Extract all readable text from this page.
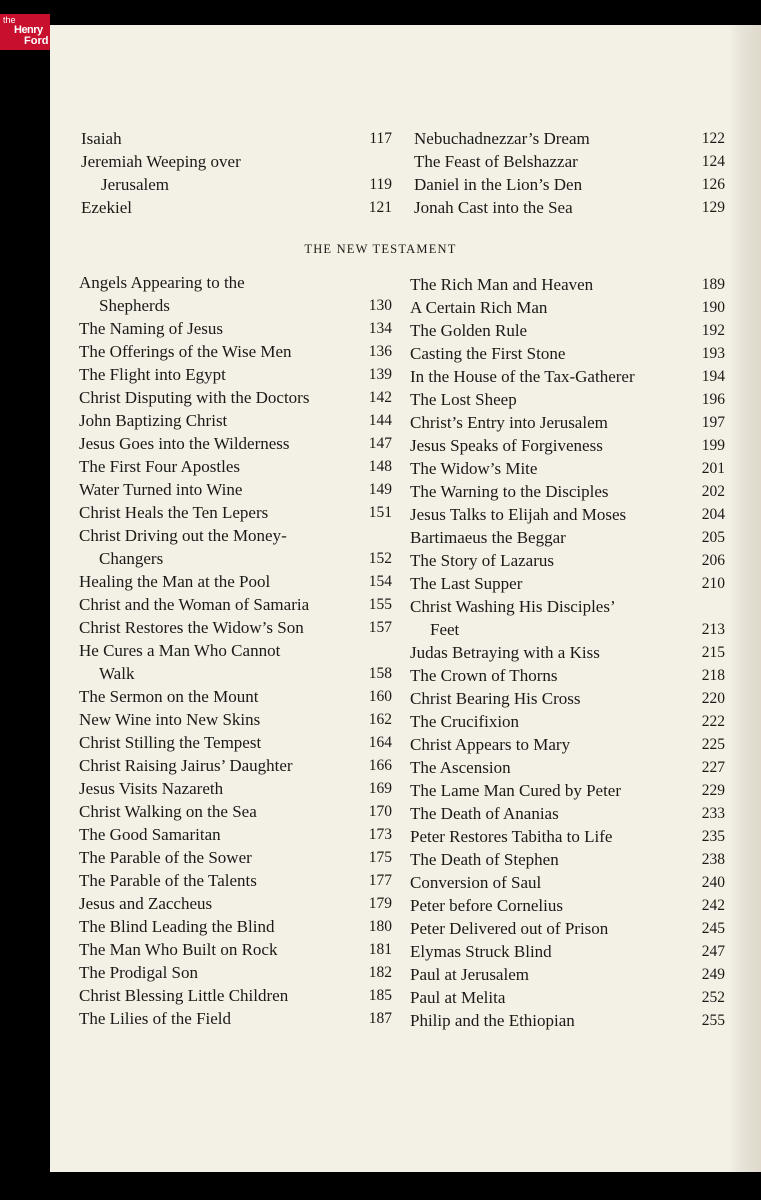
the
Henry
Ford
Isaiah	117
Jeremiah Weeping over
Jerusalem	119
Ezekiel	121
Nebuchadnezzar’s Dream	122
The Feast of Belshazzar	124
Daniel in the Lion’s Den	126
Jonah Cast into the Sea	129
THE NEW TESTAMENT
Angels Appearing to the
Shepherds	130
The Naming of Jesus	134
The Offerings of the Wise Men	136
The Flight into Egypt	139
Christ Disputing with the Doctors	142
John Baptizing Christ	144
Jesus Goes into the Wilderness	147
The First Four Apostles	148
Water Turned into Wine	149
Christ Heals the Ten Lepers	151
Christ Driving out the Money-
Changers	152
Healing the Man at the Pool	154
Christ and the Woman of Samaria	155
Christ Restores the Widow’s Son	157
He Cures a Man Who Cannot
Walk	158
The Sermon on the Mount	160
New Wine into New Skins	162
Christ Stilling the Tempest	164
Christ Raising Jairus’ Daughter	166
Jesus Visits Nazareth	169
Christ Walking on the Sea	170
The Good Samaritan	173
The Parable of the Sower	175
The Parable of the Talents	177
Jesus and Zaccheus	179
The Blind Leading the Blind	180
The Man Who Built on Rock	181
The Prodigal Son	182
Christ Blessing Little Children	185
The Lilies of the Field	187
The Rich Man and Heaven	189
A Certain Rich Man	190
The Golden Rule	192
Casting the First Stone	193
In the House of the Tax-Gatherer	194
The Lost Sheep	196
Christ’s Entry into Jerusalem	197
Jesus Speaks of Forgiveness	199
The Widow’s Mite	201
The Warning to the Disciples	202
Jesus Talks to Elijah and Moses	204
Bartimaeus the Beggar	205
The Story of Lazarus	206
The Last Supper	210
Christ Washing His Disciples’
Feet	213
Judas Betraying with a Kiss	215
The Crown of Thorns	218
Christ Bearing His Cross	220
The Crucifixion	222
Christ Appears to Mary	225
The Ascension	227
The Lame Man Cured by Peter	229
The Death of Ananias	233
Peter Restores Tabitha to Life	235
The Death of Stephen	238
Conversion of Saul	240
Peter before Cornelius	242
Peter Delivered out of Prison	245
Elymas Struck Blind	247
Paul at Jerusalem	249
Paul at Melita	252
Philip and the Ethiopian	255
